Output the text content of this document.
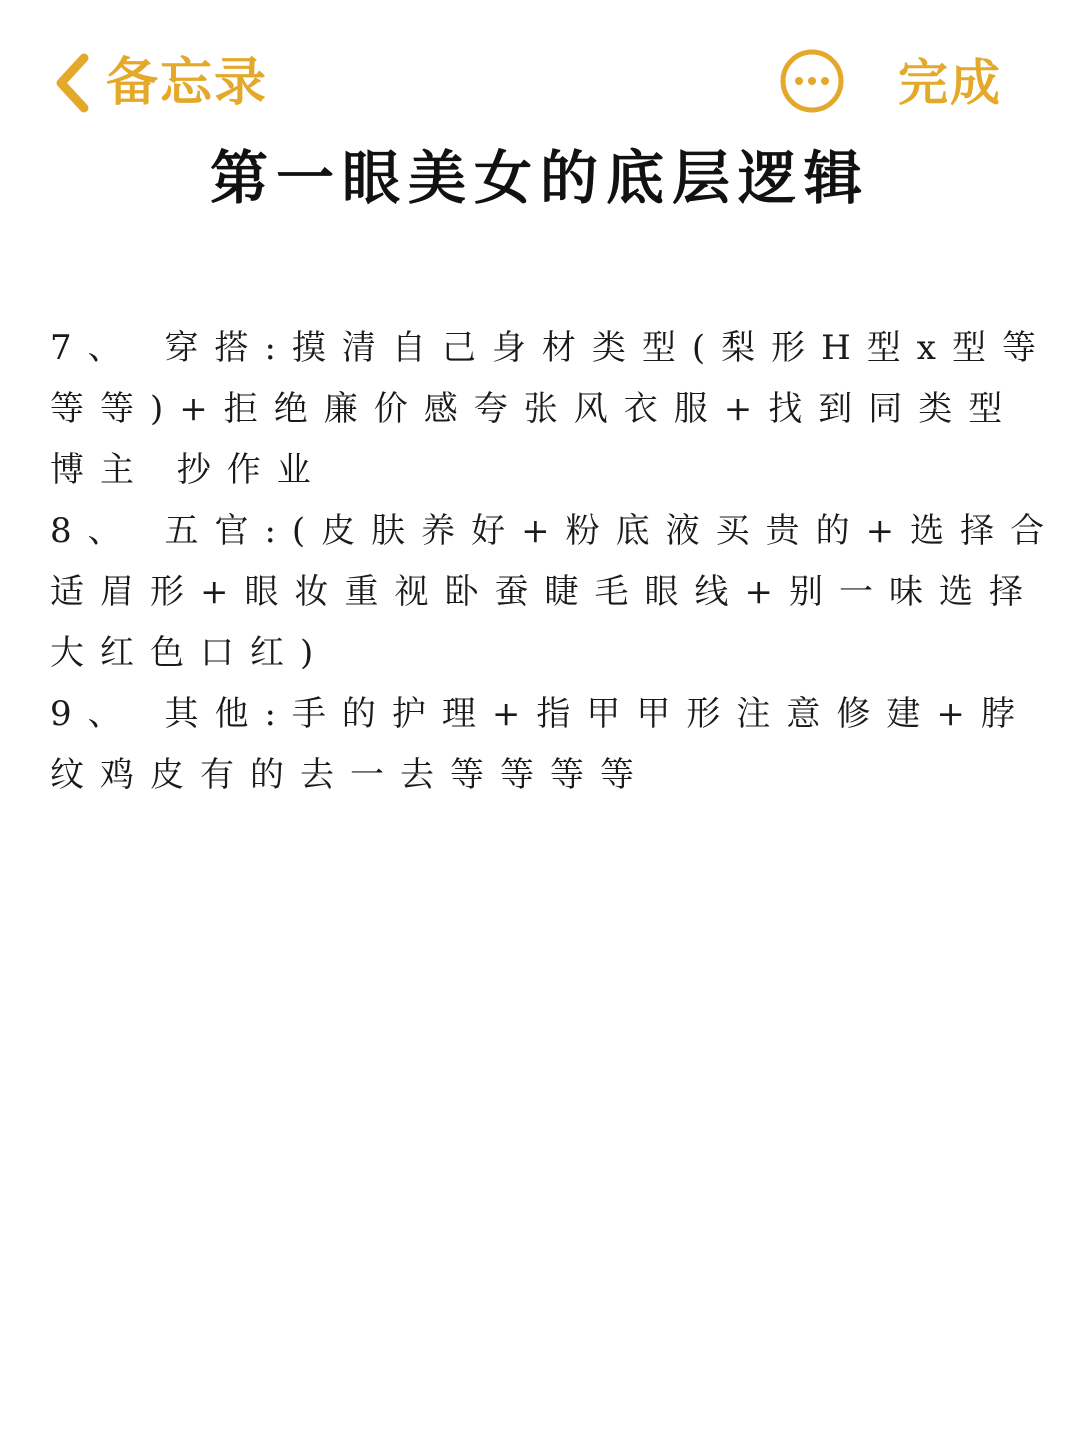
备忘录	完成
第一眼美女的底层逻辑
7、 穿搭:摸清自己身材类型(梨形H型x型等
等等)+拒绝廉价感夸张风衣服+找到同类型
博主 抄作业
8、 五官:(皮肤养好+粉底液买贵的+选择合
适眉形+眼妆重视卧蚕睫毛眼线+别一味选择
大红色口红)
9、 其他:手的护理+指甲甲形注意修建+脖
纹鸡皮有的去一去等等等等
